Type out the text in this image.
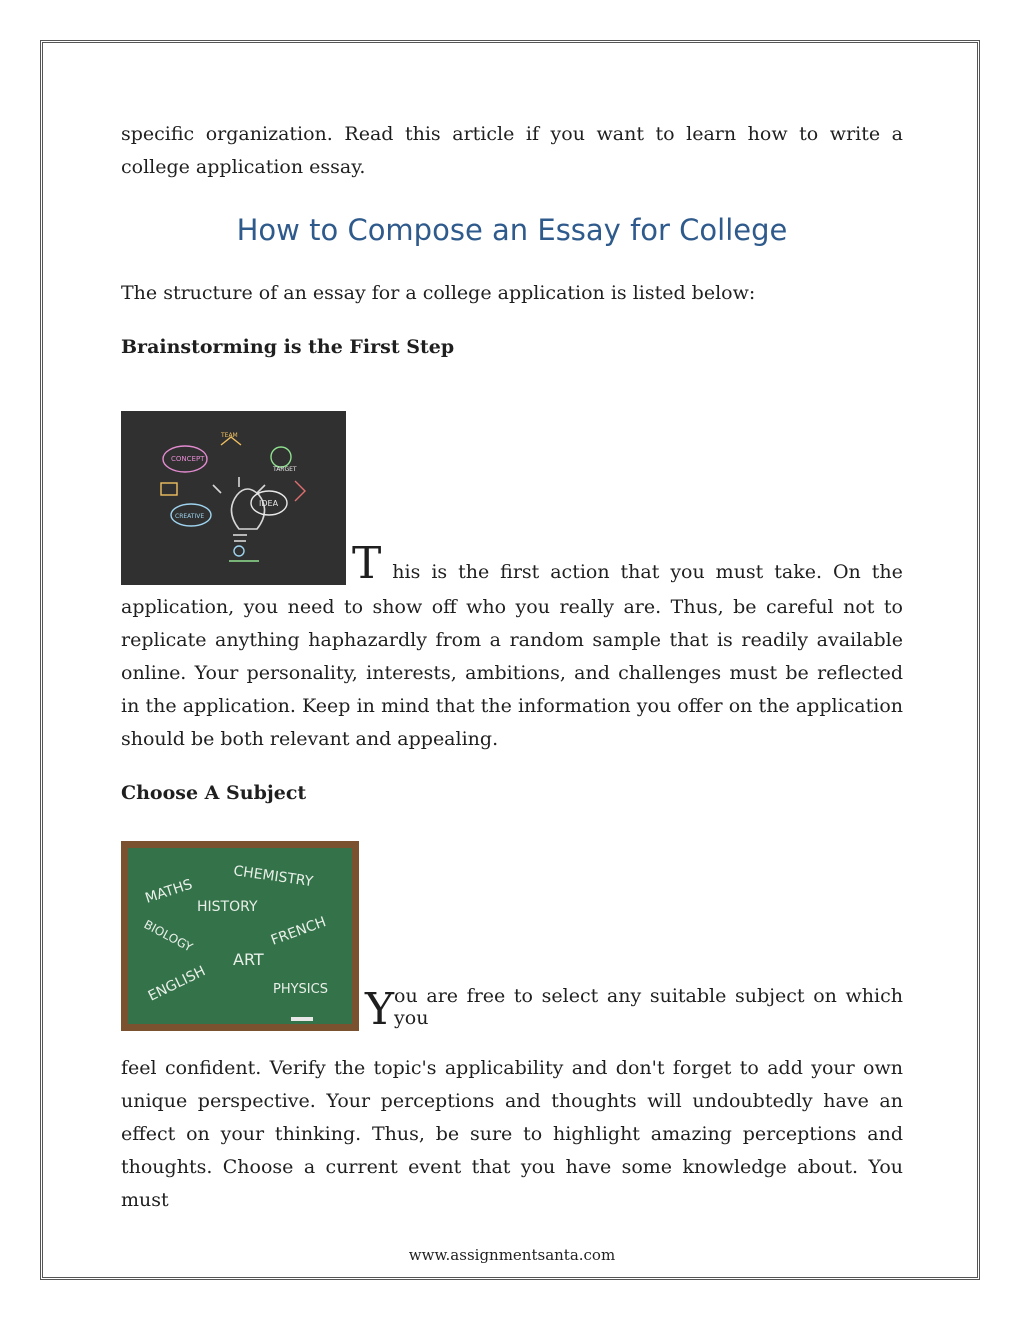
specific organization. Read this article if you want to learn how to write a college application essay.

How to Compose an Essay for College

The structure of an essay for a college application is listed below:

Brainstorming is the First Step
TEAM
CONCEPT
TARGET
IDEA
CREATIVE
T his is the first action that you must take. On the

application, you need to show off who you really are. Thus, be careful not to replicate anything haphazardly from a random sample that is readily available online. Your personality, interests, ambitions, and challenges must be reflected in the application. Keep in mind that the information you offer on the application should be both relevant and appealing.

Choose A Subject
MATHS	CHEMISTRY
HISTORY
BIOLOGY	FRENCH
ART
ENGLISH	PHYSICS Y ou are free to select any suitable subject on which you

feel confident. Verify the topic's applicability and don't forget to add your own unique perspective. Your perceptions and thoughts will undoubtedly have an effect on your thinking. Thus, be sure to highlight amazing perceptions and thoughts. Choose a current event that you have some knowledge about. You must

www.assignmentsanta.com
